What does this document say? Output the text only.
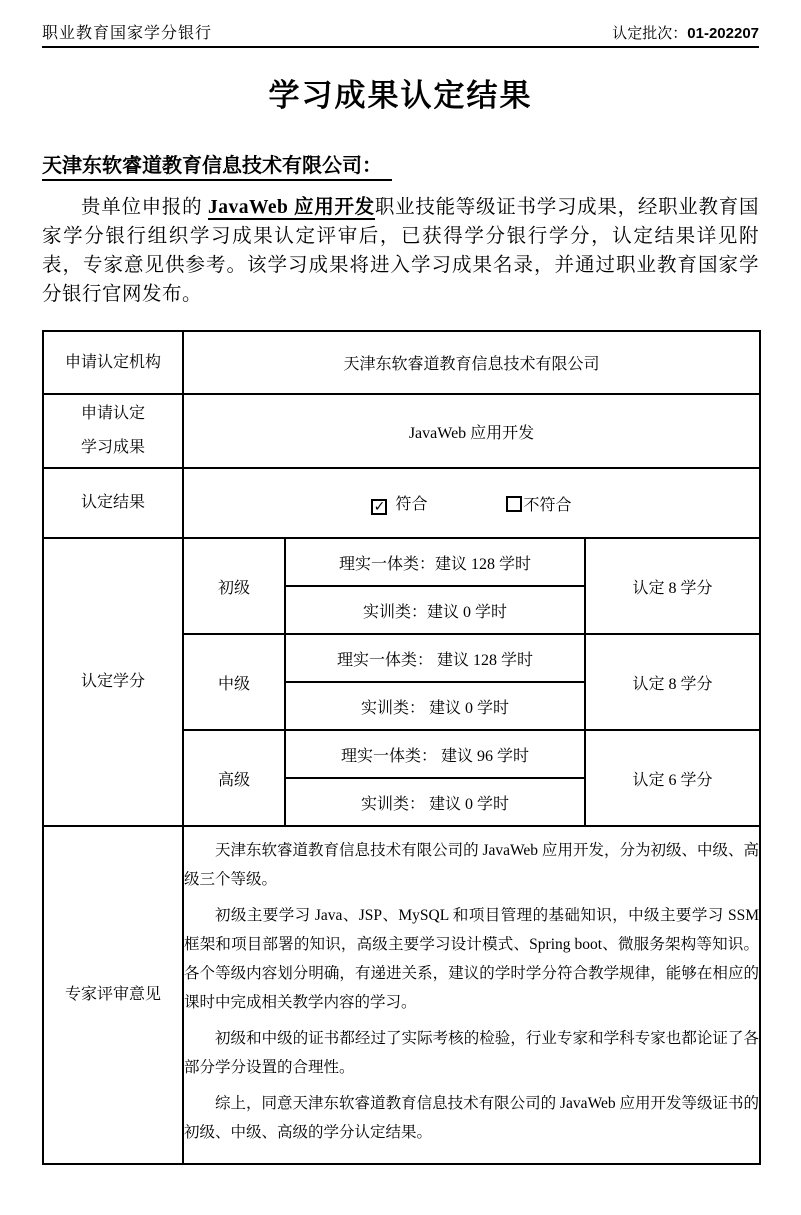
职业教育国家学分银行	认定批次：01-202207
学习成果认定结果
天津东软睿道教育信息技术有限公司：
贵单位申报的 JavaWeb 应用开发职业技能等级证书学习成果，经职业教育国家学分银行组织学习成果认定评审后，已获得学分银行学分，认定结果详见附表，专家意见供参考。该学习成果将进入学习成果名录，并通过职业教育国家学分银行官网发布。
申请认定机构	天津东软睿道教育信息技术有限公司		

申请认定
学习成果	JavaWeb 应用开发		
认定结果	
✓符合 不符合

认定学分	初级	理实一体类：建议 128 学时	认定 8 学分
		实训类：建议 0 学时	
	中级	理实一体类： 建议 128 学时	认定 8 学分
		实训类： 建议 0 学时	
	高级	理实一体类： 建议 96 学时	认定 6 学分
		实训类： 建议 0 学时	
专家评审意见	天津东软睿道教育信息技术有限公司的 JavaWeb 应用开发，分为初级、中级、高级三个等级。

初级主要学习 Java、JSP、MySQL 和项目管理的基础知识，中级主要学习 SSM 框架和项目部署的知识，高级主要学习设计模式、Spring boot、微服务架构等知识。各个等级内容划分明确，有递进关系，建议的学时学分符合教学规律，能够在相应的课时中完成相关教学内容的学习。

初级和中级的证书都经过了实际考核的检验，行业专家和学科专家也都论证了各部分学分设置的合理性。

综上，同意天津东软睿道教育信息技术有限公司的 JavaWeb 应用开发等级证书的初级、中级、高级的学分认定结果。		
